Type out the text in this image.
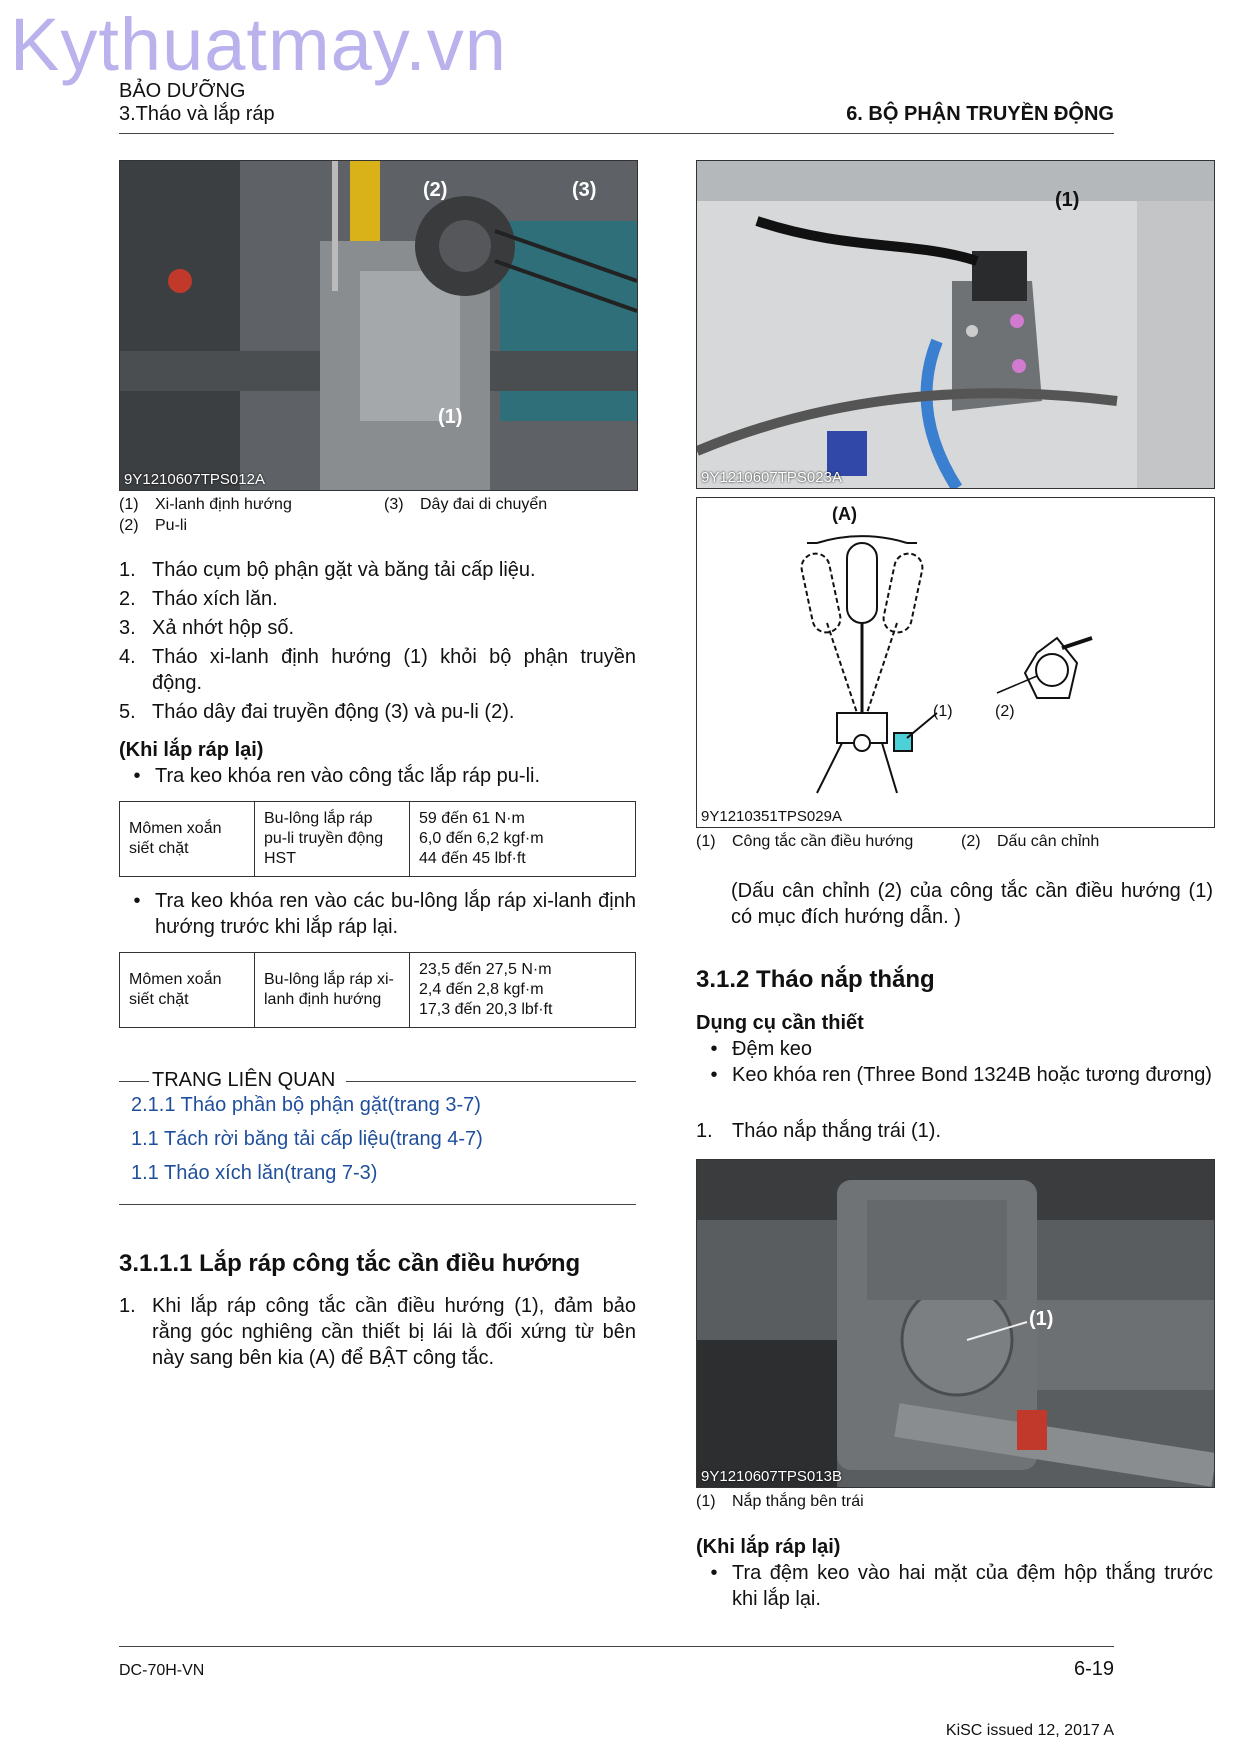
Kythuatmay.vn
BẢO DƯỠNG
3.Tháo và lắp ráp	6. BỘ PHẬN TRUYỀN ĐỘNG
(2)	(3)
(1)
9Y1210607TPS012A
(1) Xi-lanh định hướng
(2) Pu-li
(3) Dây đai di chuyển
1. Tháo cụm bộ phận gặt và băng tải cấp liệu.
2. Tháo xích lăn.
3. Xả nhớt hộp số.
4. Tháo xi-lanh định hướng (1) khỏi bộ phận truyền động.
5. Tháo dây đai truyền động (3) và pu-li (2).
(Khi lắp ráp lại)
• Tra keo khóa ren vào công tắc lắp ráp pu-li.
Mômen xoắn siết chặt	Bu-lông lắp ráp pu-li truyền động HST	
59 đến 61 N·m
6,0 đến 6,2 kgf·m
44 đến 45 lbf·ft
• Tra keo khóa ren vào các bu-lông lắp ráp xi-lanh định hướng trước khi lắp ráp lại.
Mômen xoắn siết chặt	Bu-lông lắp ráp xi-lanh định hướng	
23,5 đến 27,5 N·m
2,4 đến 2,8 kgf·m
17,3 đến 20,3 lbf·ft
TRANG LIÊN QUAN
2.1.1 Tháo phần bộ phận gặt(trang 3-7)
1.1 Tách rời băng tải cấp liệu(trang 4-7)
1.1 Tháo xích lăn(trang 7-3)
3.1.1.1 Lắp ráp công tắc cần điều hướng
1. Khi lắp ráp công tắc cần điều hướng (1), đảm bảo rằng góc nghiêng cần thiết bị lái là đối xứng từ bên này sang bên kia (A) để BẬT công tắc.
(1)
9Y1210607TPS023A
(A)
(1)	(2)
9Y1210351TPS029A
(1) Công tắc cần điều hướng	(2) Dấu cân chỉnh
(Dấu cân chỉnh (2) của công tắc cần điều hướng (1) có mục đích hướng dẫn. )
3.1.2 Tháo nắp thắng
Dụng cụ cần thiết
• Đệm keo
• Keo khóa ren (Three Bond 1324B hoặc tương đương)
1. Tháo nắp thắng trái (1).
(1)
9Y1210607TPS013B
(1) Nắp thắng bên trái
(Khi lắp ráp lại)
• Tra đệm keo vào hai mặt của đệm hộp thắng trước khi lắp lại.
DC-70H-VN	6-19
KiSC issued 12, 2017 A
